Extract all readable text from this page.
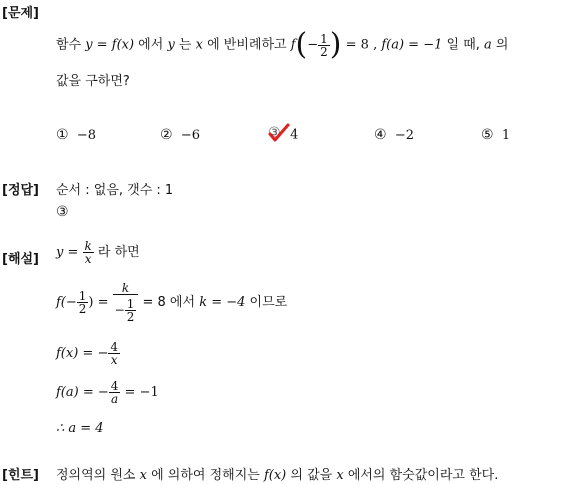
[문제]
함수 y = f(x) 에서 y 는 x 에 반비례하고 $f(- \frac{1}{2}$ ) = 8 , f(a) = −1 일 때, a 의
값을 구하면?
① −8	② −6	③ 4	④ −2	⑤ 1
[정답] 순서 : 없음, 갯수 : 1
③
[해설] $y = \frac{k}{x}$ 라 하면
$f(- \frac{1}{2}$ ) = $\frac{k}{- \frac{1}{2}} = 8$ 에서 k = −4 이므로
f(x) = − $\frac{4}{x}$
f(a) = − $\frac{4}{a} = -1$
∴ a = 4
[힌트] 정의역의 원소 x 에 의하여 정해지는 f(x) 의 값을 x 에서의 함숫값이라고 한다.
